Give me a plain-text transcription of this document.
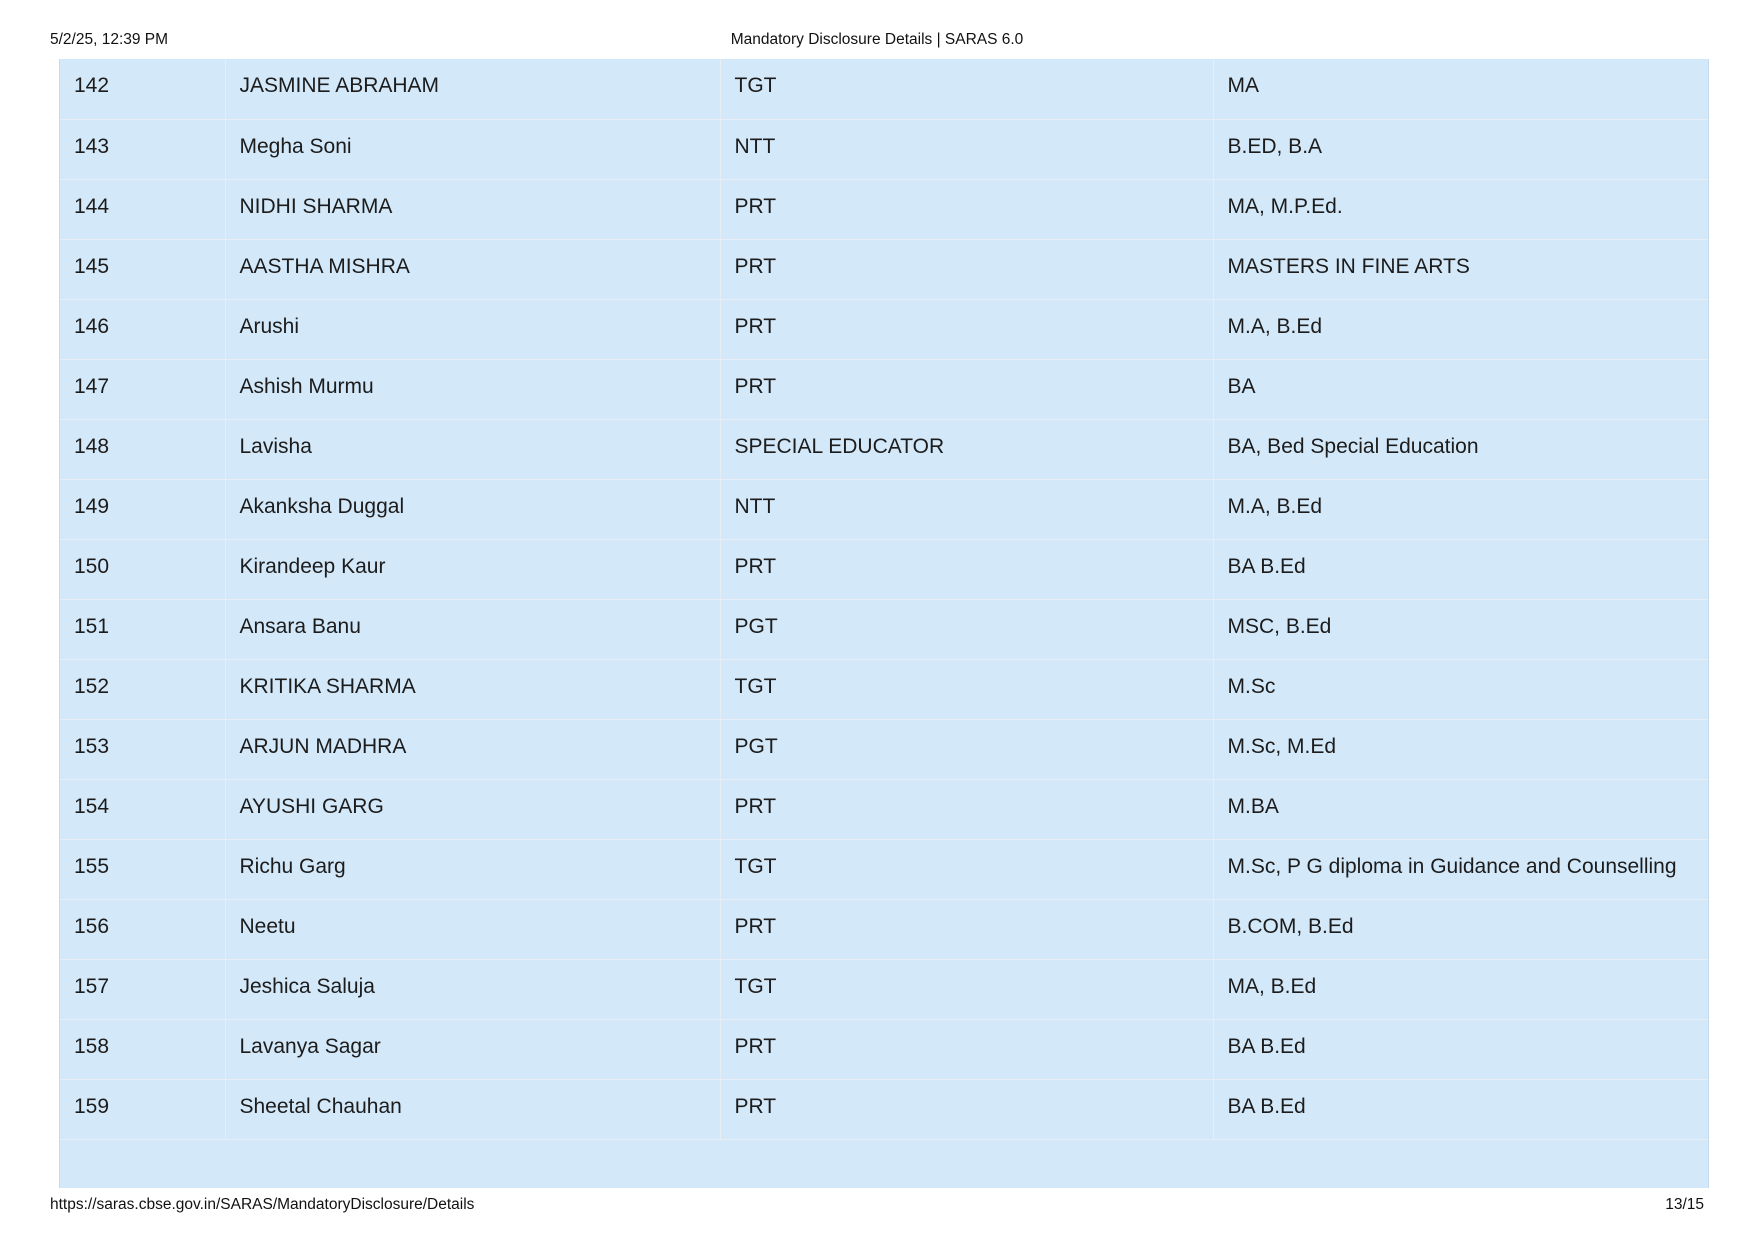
5/2/25, 12:39 PM	Mandatory Disclosure Details | SARAS 6.0
142	JASMINE ABRAHAM	TGT	MA
143	Megha Soni	NTT	B.ED, B.A
144	NIDHI SHARMA	PRT	MA, M.P.Ed.
145	AASTHA MISHRA	PRT	MASTERS IN FINE ARTS
146	Arushi	PRT	M.A, B.Ed
147	Ashish Murmu	PRT	BA
148	Lavisha	SPECIAL EDUCATOR	BA, Bed Special Education
149	Akanksha Duggal	NTT	M.A, B.Ed
150	Kirandeep Kaur	PRT	BA B.Ed
151	Ansara Banu	PGT	MSC, B.Ed
152	KRITIKA SHARMA	TGT	M.Sc
153	ARJUN MADHRA	PGT	M.Sc, M.Ed
154	AYUSHI GARG	PRT	M.BA
155	Richu Garg	TGT	M.Sc, P G diploma in Guidance and Counselling
156	Neetu	PRT	B.COM, B.Ed
157	Jeshica Saluja	TGT	MA, B.Ed
158	Lavanya Sagar	PRT	BA B.Ed
159	Sheetal Chauhan	PRT	BA B.Ed
https://saras.cbse.gov.in/SARAS/MandatoryDisclosure/Details	13/15
